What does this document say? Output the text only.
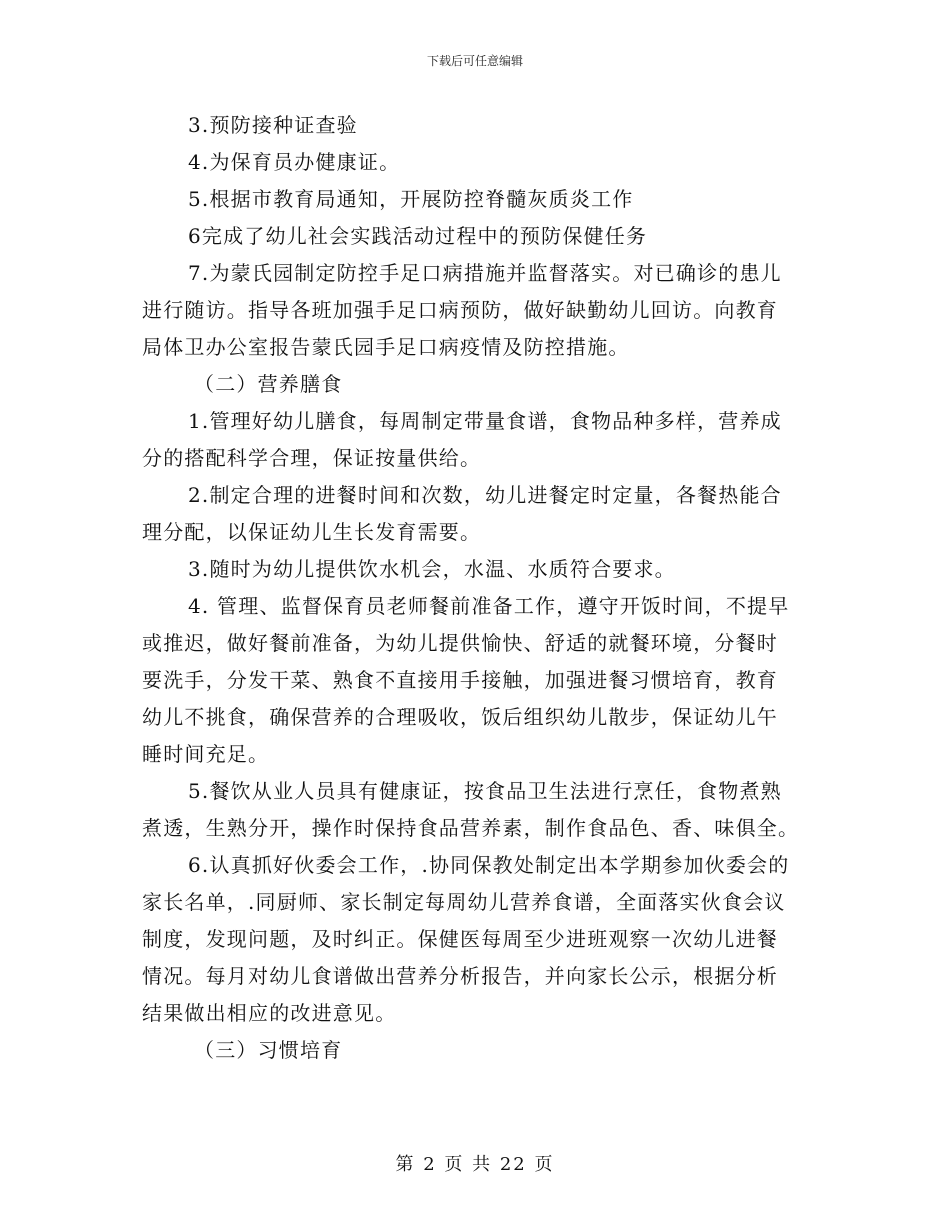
下载后可任意编辑
3.预防接种证查验
4.为保育员办健康证。
5.根据市教育局通知，开展防控脊髓灰质炎工作
6完成了幼儿社会实践活动过程中的预防保健任务
7.为蒙氏园制定防控手足口病措施并监督落实。对已确诊的患儿
进行随访。指导各班加强手足口病预防，做好缺勤幼儿回访。向教育
局体卫办公室报告蒙氏园手足口病疫情及防控措施。
（二）营养膳食
1.管理好幼儿膳食，每周制定带量食谱，食物品种多样，营养成
分的搭配科学合理，保证按量供给。
2.制定合理的进餐时间和次数，幼儿进餐定时定量，各餐热能合
理分配，以保证幼儿生长发育需要。
3.随时为幼儿提供饮水机会，水温、水质符合要求。
4. 管理、监督保育员老师餐前准备工作，遵守开饭时间，不提早
或推迟，做好餐前准备，为幼儿提供愉快、舒适的就餐环境，分餐时
要洗手，分发干菜、熟食不直接用手接触，加强进餐习惯培育，教育
幼儿不挑食，确保营养的合理吸收，饭后组织幼儿散步，保证幼儿午
睡时间充足。
5.餐饮从业人员具有健康证，按食品卫生法进行烹任，食物煮熟
煮透，生熟分开，操作时保持食品营养素，制作食品色、香、味俱全。
6.认真抓好伙委会工作，.协同保教处制定出本学期参加伙委会的
家长名单，.同厨师、家长制定每周幼儿营养食谱，全面落实伙食会议
制度，发现问题，及时纠正。保健医每周至少进班观察一次幼儿进餐
情况。每月对幼儿食谱做出营养分析报告，并向家长公示，根据分析
结果做出相应的改进意见。
（三）习惯培育
第 2 页 共 22 页
